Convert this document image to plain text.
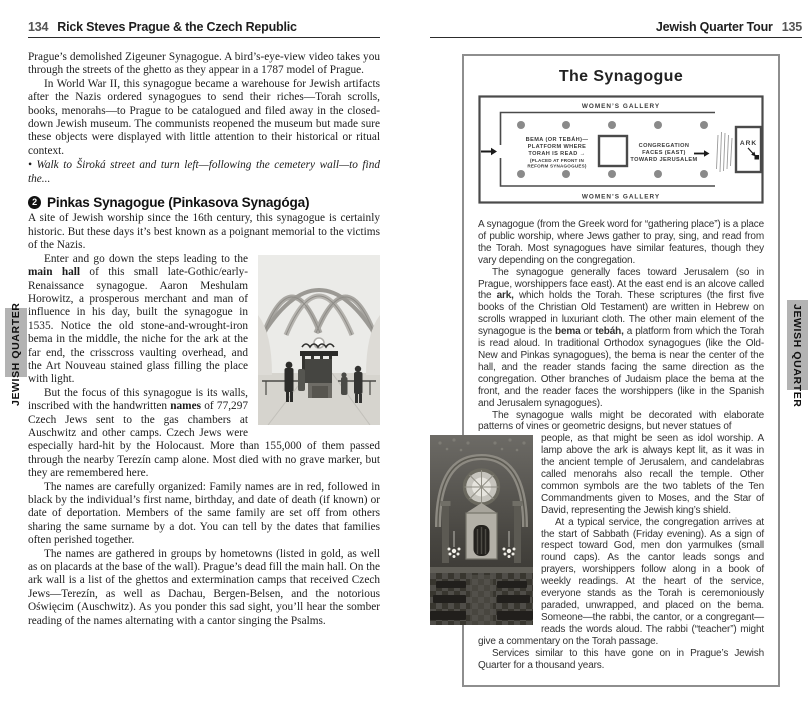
134 Rick Steves Prague & the Czech Republic
Prague’s demolished Zigeuner Synagogue. A bird’s-eye-view video takes you through the streets of the ghetto as they appear in a 1787 model of Prague.
In World War II, this synagogue became a warehouse for Jewish artifacts after the Nazis ordered synagogues to send their riches—Torah scrolls, books, menorahs—to Prague to be catalogued and filed away in the closed-down Jewish museum. The communists reopened the museum but made sure these objects were displayed with little attention to their historical or ritual context.
• Walk to Široká street and turn left—following the cemetery wall—to find the...
2 Pinkas Synagogue (Pinkasova Synagóga)
A site of Jewish worship since the 16th century, this synagogue is certainly historic. But these days it’s best known as a poignant memorial to the victims of the Nazis.
Enter and go down the steps leading to the main hall of this small late-Gothic/early-Renaissance synagogue. Aaron Meshulam Horowitz, a prosperous merchant and man of influence in his day, built the synagogue in 1535. Notice the old stone-and-wrought-iron bema in the middle, the niche for the ark at the far end, the crisscross vaulting overhead, and the Art Nouveau stained glass filling the place with light.
But the focus of this synagogue is its walls, inscribed with the handwritten names of 77,297 Czech Jews sent to the gas chambers at Auschwitz and other camps. Czech Jews were especially hard-hit by the Holocaust. More than 155,000 of them passed through the nearby Terezín camp alone. Most died with no grave marker, but they are remembered here.
The names are carefully organized: Family names are in red, followed in black by the individual’s first name, birthday, and date of death (if known) or date of deportation. Members of the same family are set off from others sharing the same surname by a dot. You can tell by the dates that families often perished together.
The names are gathered in groups by hometowns (listed in gold, as well as on placards at the base of the wall). Prague’s dead fill the main hall. On the ark wall is a list of the ghettos and extermination camps that received Czech Jews—Terezín, as well as Dachau, Bergen-Belsen, and the notorious Oświęcim (Auschwitz). As you ponder this sad sight, you’ll hear the somber reading of the names alternating with a cantor singing the Psalms.
JEWISH QUARTER
Jewish Quarter Tour 135
The Synagogue
WOMEN’S GALLERY
WOMEN’S GALLERY
BEMA (OR TEBÁH)—
PLATFORM WHERE
TORAH IS READ →
(PLACED AT FRONT IN
REFORM SYNAGOGUES)
CONGREGATION
FACES (EAST)
TOWARD JERUSALEM
ARK
A synagogue (from the Greek word for “gathering place”) is a place of public worship, where Jews gather to pray, sing, and read from the Torah. Most synagogues have similar features, though they vary depending on the congregation.
The synagogue generally faces toward Jerusalem (so in Prague, worshippers face east). At the east end is an alcove called the ark, which holds the Torah. These scriptures (the first five books of the Christian Old Testament) are written in Hebrew on scrolls wrapped in luxuriant cloth. The other main element of the synagogue is the bema or tebáh, a platform from which the Torah is read aloud. In traditional Orthodox synagogues (like the Old-New and Pinkas synagogues), the bema is near the center of the hall, and the reader stands facing the same direction as the congregation. Other branches of Judaism place the bema at the front, and the reader faces the worshippers (like in the Spanish and Jerusalem synagogues).
The synagogue walls might be decorated with elaborate patterns of vines or geometric designs, but never statues of
people, as that might be seen as idol worship. A lamp above the ark is always kept lit, as it was in the ancient temple of Jerusalem, and candelabras called menorahs also recall the temple. Other common symbols are the two tablets of the Ten Commandments given to Moses, and the Star of David, representing the Jewish king’s shield.
At a typical service, the congregation arrives at the start of Sabbath (Friday evening). As a sign of respect toward God, men don yarmulkes (small round caps). As the cantor leads songs and prayers, worshippers follow along in a book of weekly readings. At the heart of the service, everyone stands as the Torah is ceremoniously paraded, unwrapped, and placed on the bema. Someone—the rabbi, the cantor, or a congregant—reads the words aloud. The rabbi (“teacher”) might give a commentary on the Torah passage.
Services similar to this have gone on in Prague’s Jewish Quarter for a thousand years.
JEWISH QUARTER
